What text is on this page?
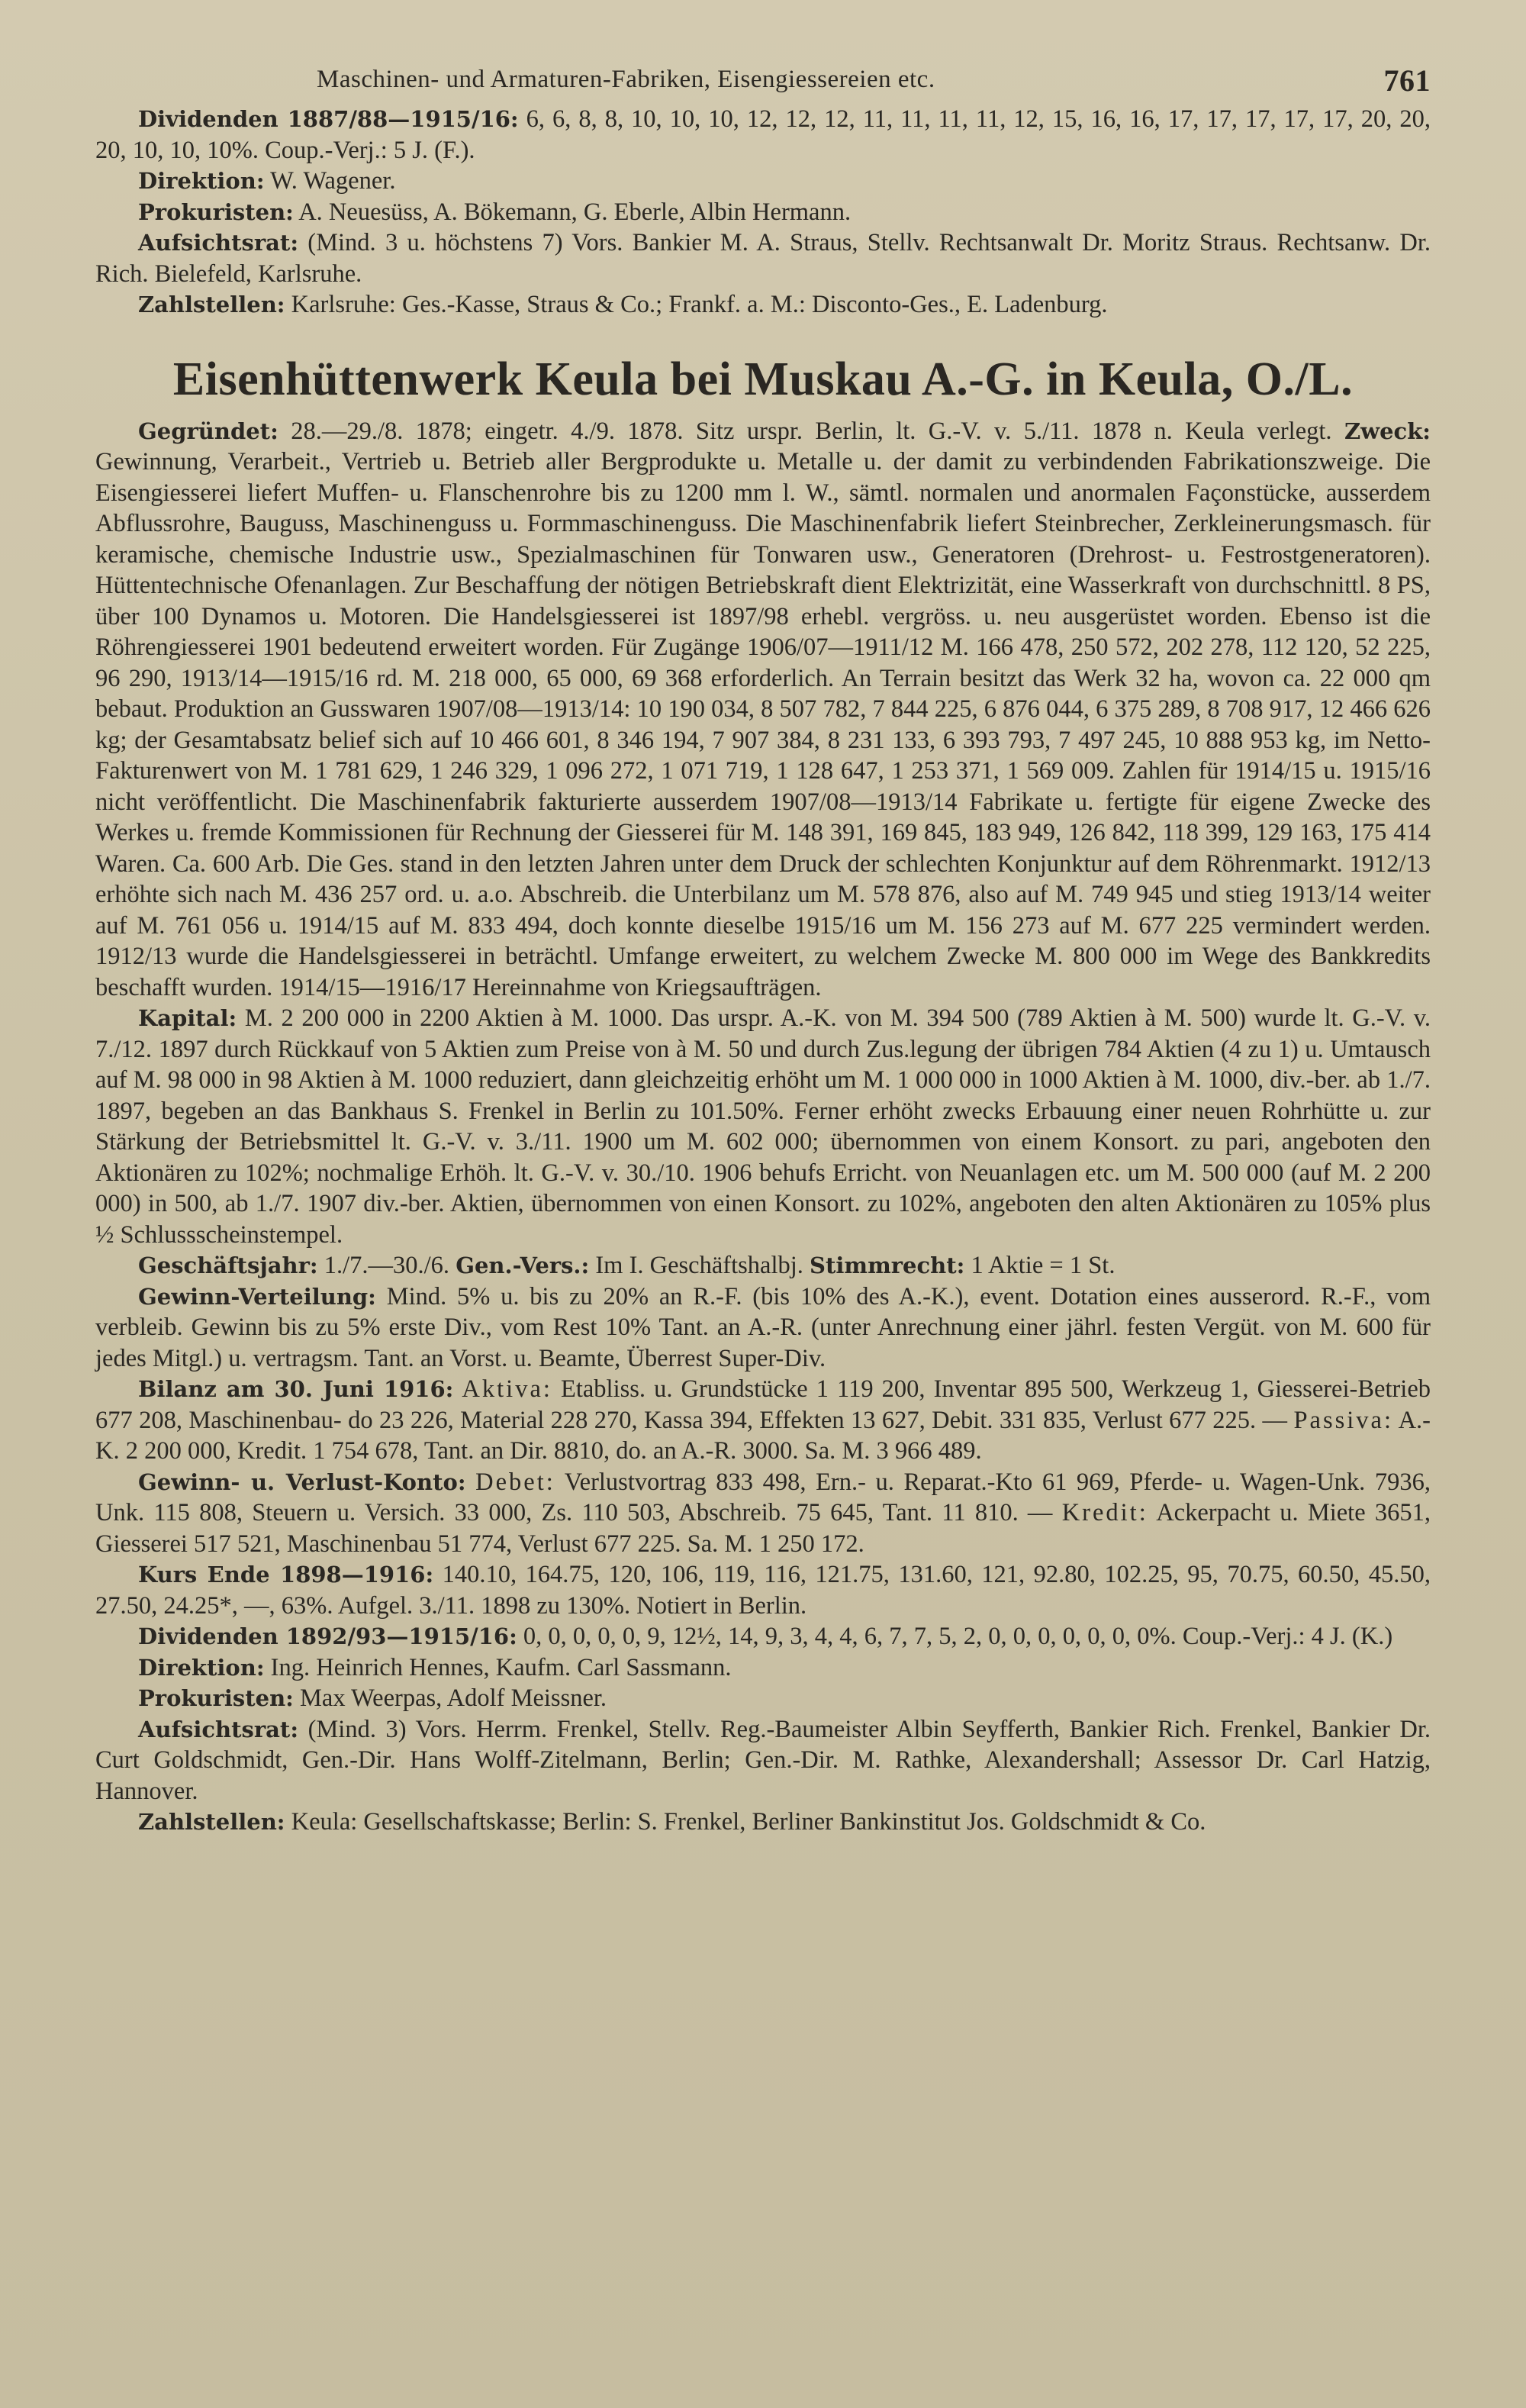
Maschinen- und Armaturen-Fabriken, Eisengiessereien etc.	761

Dividenden 1887/88—1915/16: 6, 6, 8, 8, 10, 10, 10, 12, 12, 12, 11, 11, 11, 11, 12, 15, 16, 16, 17, 17, 17, 17, 17, 20, 20, 20, 10, 10, 10%. Coup.-Verj.: 5 J. (F.).

Direktion: W. Wagener.

Prokuristen: A. Neuesüss, A. Bökemann, G. Eberle, Albin Hermann.

Aufsichtsrat: (Mind. 3 u. höchstens 7) Vors. Bankier M. A. Straus, Stellv. Rechtsanwalt Dr. Moritz Straus. Rechtsanw. Dr. Rich. Bielefeld, Karlsruhe.

Zahlstellen: Karlsruhe: Ges.-Kasse, Straus & Co.; Frankf. a. M.: Disconto-Ges., E. Ladenburg.

Eisenhüttenwerk Keula bei Muskau A.-G. in Keula, O./L.

Gegründet: 28.—29./8. 1878; eingetr. 4./9. 1878. Sitz urspr. Berlin, lt. G.-V. v. 5./11. 1878 n. Keula verlegt. Zweck: Gewinnung, Verarbeit., Vertrieb u. Betrieb aller Bergprodukte u. Metalle u. der damit zu verbindenden Fabrikationszweige. Die Eisengiesserei liefert Muffen- u. Flanschenrohre bis zu 1200 mm l. W., sämtl. normalen und anormalen Façonstücke, ausserdem Abflussrohre, Bauguss, Maschinenguss u. Formmaschinenguss. Die Maschinenfabrik liefert Steinbrecher, Zerkleinerungsmasch. für keramische, chemische Industrie usw., Spezialmaschinen für Tonwaren usw., Generatoren (Drehrost- u. Festrostgeneratoren). Hüttentechnische Ofenanlagen. Zur Beschaffung der nötigen Betriebskraft dient Elektrizität, eine Wasserkraft von durchschnittl. 8 PS, über 100 Dynamos u. Motoren. Die Handelsgiesserei ist 1897/98 erhebl. vergröss. u. neu ausgerüstet worden. Ebenso ist die Röhrengiesserei 1901 bedeutend erweitert worden. Für Zugänge 1906/07—1911/12 M. 166 478, 250 572, 202 278, 112 120, 52 225, 96 290, 1913/14—1915/16 rd. M. 218 000, 65 000, 69 368 erforderlich. An Terrain besitzt das Werk 32 ha, wovon ca. 22 000 qm bebaut. Produktion an Gusswaren 1907/08—1913/14: 10 190 034, 8 507 782, 7 844 225, 6 876 044, 6 375 289, 8 708 917, 12 466 626 kg; der Gesamtabsatz belief sich auf 10 466 601, 8 346 194, 7 907 384, 8 231 133, 6 393 793, 7 497 245, 10 888 953 kg, im Netto-Fakturenwert von M. 1 781 629, 1 246 329, 1 096 272, 1 071 719, 1 128 647, 1 253 371, 1 569 009. Zahlen für 1914/15 u. 1915/16 nicht veröffentlicht. Die Maschinenfabrik fakturierte ausserdem 1907/08—1913/14 Fabrikate u. fertigte für eigene Zwecke des Werkes u. fremde Kommissionen für Rechnung der Giesserei für M. 148 391, 169 845, 183 949, 126 842, 118 399, 129 163, 175 414 Waren. Ca. 600 Arb. Die Ges. stand in den letzten Jahren unter dem Druck der schlechten Konjunktur auf dem Röhrenmarkt. 1912/13 erhöhte sich nach M. 436 257 ord. u. a.o. Abschreib. die Unterbilanz um M. 578 876, also auf M. 749 945 und stieg 1913/14 weiter auf M. 761 056 u. 1914/15 auf M. 833 494, doch konnte dieselbe 1915/16 um M. 156 273 auf M. 677 225 vermindert werden. 1912/13 wurde die Handelsgiesserei in beträchtl. Umfange erweitert, zu welchem Zwecke M. 800 000 im Wege des Bankkredits beschafft wurden. 1914/15—1916/17 Hereinnahme von Kriegsaufträgen.

Kapital: M. 2 200 000 in 2200 Aktien à M. 1000. Das urspr. A.-K. von M. 394 500 (789 Aktien à M. 500) wurde lt. G.-V. v. 7./12. 1897 durch Rückkauf von 5 Aktien zum Preise von à M. 50 und durch Zus.legung der übrigen 784 Aktien (4 zu 1) u. Umtausch auf M. 98 000 in 98 Aktien à M. 1000 reduziert, dann gleichzeitig erhöht um M. 1 000 000 in 1000 Aktien à M. 1000, div.-ber. ab 1./7. 1897, begeben an das Bankhaus S. Frenkel in Berlin zu 101.50%. Ferner erhöht zwecks Erbauung einer neuen Rohrhütte u. zur Stärkung der Betriebsmittel lt. G.-V. v. 3./11. 1900 um M. 602 000; übernommen von einem Konsort. zu pari, angeboten den Aktionären zu 102%; nochmalige Erhöh. lt. G.-V. v. 30./10. 1906 behufs Erricht. von Neuanlagen etc. um M. 500 000 (auf M. 2 200 000) in 500, ab 1./7. 1907 div.-ber. Aktien, übernommen von einen Konsort. zu 102%, angeboten den alten Aktionären zu 105% plus ½ Schlussscheinstempel.

Geschäftsjahr: 1./7.—30./6. Gen.-Vers.: Im I. Geschäftshalbj. Stimmrecht: 1 Aktie = 1 St.

Gewinn-Verteilung: Mind. 5% u. bis zu 20% an R.-F. (bis 10% des A.-K.), event. Dotation eines ausserord. R.-F., vom verbleib. Gewinn bis zu 5% erste Div., vom Rest 10% Tant. an A.-R. (unter Anrechnung einer jährl. festen Vergüt. von M. 600 für jedes Mitgl.) u. vertragsm. Tant. an Vorst. u. Beamte, Überrest Super-Div.

Bilanz am 30. Juni 1916: Aktiva: Etabliss. u. Grundstücke 1 119 200, Inventar 895 500, Werkzeug 1, Giesserei-Betrieb 677 208, Maschinenbau- do 23 226, Material 228 270, Kassa 394, Effekten 13 627, Debit. 331 835, Verlust 677 225. — Passiva: A.-K. 2 200 000, Kredit. 1 754 678, Tant. an Dir. 8810, do. an A.-R. 3000. Sa. M. 3 966 489.

Gewinn- u. Verlust-Konto: Debet: Verlustvortrag 833 498, Ern.- u. Reparat.-Kto 61 969, Pferde- u. Wagen-Unk. 7936, Unk. 115 808, Steuern u. Versich. 33 000, Zs. 110 503, Abschreib. 75 645, Tant. 11 810. — Kredit: Ackerpacht u. Miete 3651, Giesserei 517 521, Maschinenbau 51 774, Verlust 677 225. Sa. M. 1 250 172.

Kurs Ende 1898—1916: 140.10, 164.75, 120, 106, 119, 116, 121.75, 131.60, 121, 92.80, 102.25, 95, 70.75, 60.50, 45.50, 27.50, 24.25*, —, 63%. Aufgel. 3./11. 1898 zu 130%. Notiert in Berlin.

Dividenden 1892/93—1915/16: 0, 0, 0, 0, 0, 9, 12½, 14, 9, 3, 4, 4, 6, 7, 7, 5, 2, 0, 0, 0, 0, 0, 0, 0%. Coup.-Verj.: 4 J. (K.)

Direktion: Ing. Heinrich Hennes, Kaufm. Carl Sassmann.

Prokuristen: Max Weerpas, Adolf Meissner.

Aufsichtsrat: (Mind. 3) Vors. Herrm. Frenkel, Stellv. Reg.-Baumeister Albin Seyfferth, Bankier Rich. Frenkel, Bankier Dr. Curt Goldschmidt, Gen.-Dir. Hans Wolff-Zitelmann, Berlin; Gen.-Dir. M. Rathke, Alexandershall; Assessor Dr. Carl Hatzig, Hannover.

Zahlstellen: Keula: Gesellschaftskasse; Berlin: S. Frenkel, Berliner Bankinstitut Jos. Goldschmidt & Co.
